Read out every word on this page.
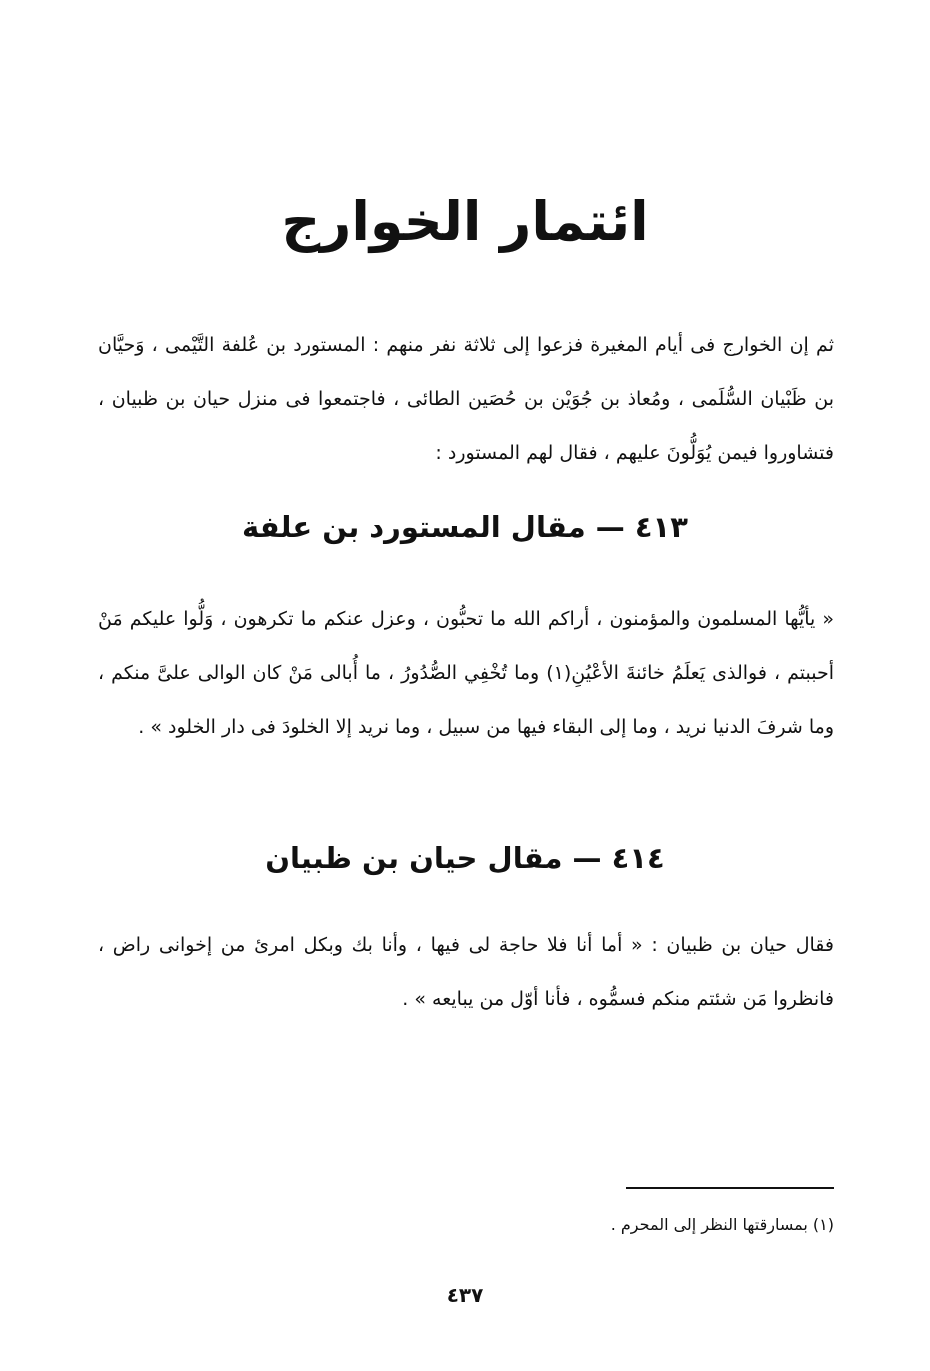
ائتمار الخوارج

ثم إن الخوارج فى أيام المغيرة فزعوا إلى ثلاثة نفر منهم : المستورد بن عُلفة التَّيْمى ، وَحيَّان بن ظَبْيان السُّلَمى ، ومُعاذ بن جُوَيْن بن حُصَين الطائى ، فاجتمعوا فى منزل حيان بن ظبيان ، فتشاوروا فيمن يُوَلُّونَ عليهم ، فقال لهم المستورد :

٤١٣ — مقال المستورد بن علفة

« يأيُّها المسلمون والمؤمنون ، أراكم الله ما تحبُّون ، وعزل عنكم ما تكرهون ، وَلُّوا عليكم مَنْ أحببتم ، فوالذى يَعلَمُ خائنةَ الأعْيُنِ(١) وما تُخْفِي الصُّدُورُ ، ما أُبالى مَنْ كان الوالى علىَّ منكم ، وما شرفَ الدنيا نريد ، وما إلى البقاء فيها من سبيل ، وما نريد إلا الخلودَ فى دار الخلود » .

٤١٤ — مقال حيان بن ظبيان

فقال حيان بن ظبيان : « أما أنا فلا حاجة لى فيها ، وأنا بك وبكل امرئ من إخوانى راض ، فانظروا مَن شئتم منكم فسمُّوه ، فأنا أوّل من يبايعه » .

(١) بمسارقتها النظر إلى المحرم .
٤٣٧
